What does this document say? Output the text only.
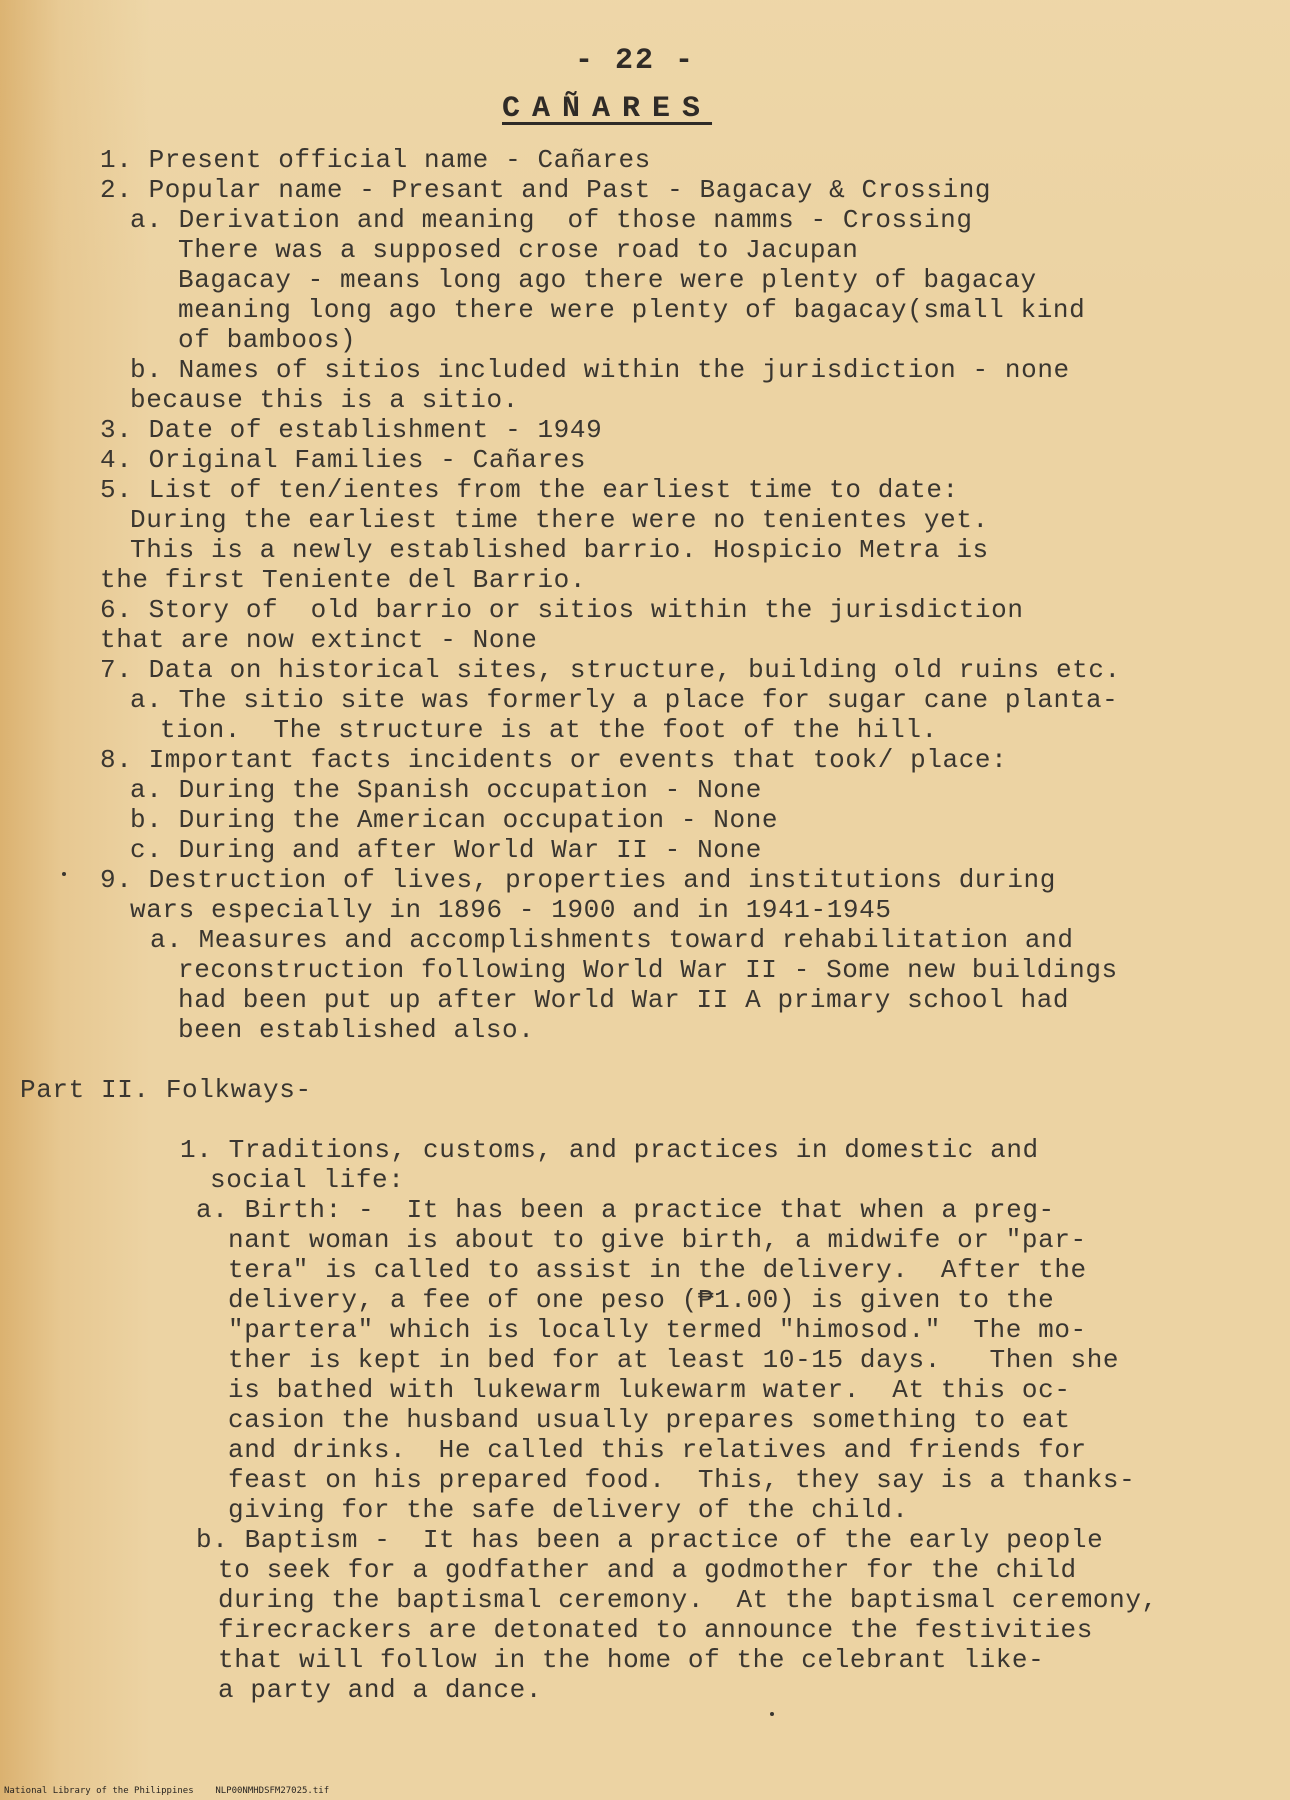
- 22 -
CAÑARES
1. Present official name - Cañares
2. Popular name - Presant and Past - Bagacay & Crossing
a. Derivation and meaning  of those namms - Crossing
There was a supposed crose road to Jacupan
Bagacay - means long ago there were plenty of bagacay
meaning long ago there were plenty of bagacay(small kind
of bamboos)
b. Names of sitios included within the jurisdiction - none
because this is a sitio.
3. Date of establishment - 1949
4. Original Families - Cañares
5. List of ten/ientes from the earliest time to date:
During the earliest time there were no tenientes yet.
This is a newly established barrio. Hospicio Metra is
the first Teniente del Barrio.
6. Story of  old barrio or sitios within the jurisdiction
that are now extinct - None
7. Data on historical sites, structure, building old ruins etc.
a. The sitio site was formerly a place for sugar cane planta-
tion.  The structure is at the foot of the hill.
8. Important facts incidents or events that took/ place:
a. During the Spanish occupation - None
b. During the American occupation - None
c. During and after World War II - None
9. Destruction of lives, properties and institutions during
wars especially in 1896 - 1900 and in 1941-1945
a. Measures and accomplishments toward rehabilitation and
reconstruction following World War II - Some new buildings
had been put up after World War II A primary school had
been established also.
Part II. Folkways-
1. Traditions, customs, and practices in domestic and
social life:
a. Birth: -  It has been a practice that when a preg-
nant woman is about to give birth, a midwife or "par-
tera" is called to assist in the delivery.  After the
delivery, a fee of one peso (₱1.00) is given to the
"partera" which is locally termed "himosod."  The mo-
ther is kept in bed for at least 10-15 days.   Then she
is bathed with lukewarm lukewarm water.  At this oc-
casion the husband usually prepares something to eat
and drinks.  He called this relatives and friends for
feast on his prepared food.  This, they say is a thanks-
giving for the safe delivery of the child.
b. Baptism -  It has been a practice of the early people
to seek for a godfather and a godmother for the child
during the baptismal ceremony.  At the baptismal ceremony,
firecrackers are detonated to announce the festivities
that will follow in the home of the celebrant like-
a party and a dance.
National Library of the Philippines    NLP00NMHDSFM27025.tif
